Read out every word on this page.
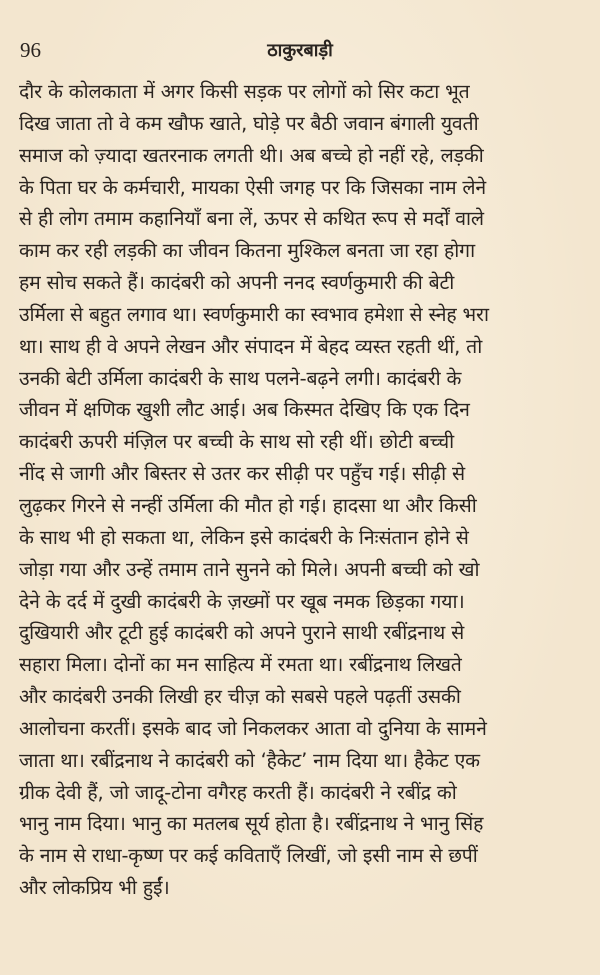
96	ठाकुरबाड़ी
दौर के कोलकाता में अगर किसी सड़क पर लोगों को सिर कटा भूत
दिख जाता तो वे कम खौफ खाते, घोड़े पर बैठी जवान बंगाली युवती
समाज को ज़्यादा खतरनाक लगती थी। अब बच्चे हो नहीं रहे, लड़की
के पिता घर के कर्मचारी, मायका ऐसी जगह पर कि जिसका नाम लेने
से ही लोग तमाम कहानियाँ बना लें, ऊपर से कथित रूप से मर्दों वाले
काम कर रही लड़की का जीवन कितना मुश्किल बनता जा रहा होगा
हम सोच सकते हैं। कादंबरी को अपनी ननद स्वर्णकुमारी की बेटी
उर्मिला से बहुत लगाव था। स्वर्णकुमारी का स्वभाव हमेशा से स्नेह भरा
था। साथ ही वे अपने लेखन और संपादन में बेहद व्यस्त रहती थीं, तो
उनकी बेटी उर्मिला कादंबरी के साथ पलने-बढ़ने लगी। कादंबरी के
जीवन में क्षणिक खुशी लौट आई। अब किस्मत देखिए कि एक दिन
कादंबरी ऊपरी मंज़िल पर बच्ची के साथ सो रही थीं। छोटी बच्ची
नींद से जागी और बिस्तर से उतर कर सीढ़ी पर पहुँच गई। सीढ़ी से
लुढ़कर गिरने से नन्हीं उर्मिला की मौत हो गई। हादसा था और किसी
के साथ भी हो सकता था, लेकिन इसे कादंबरी के निःसंतान होने से
जोड़ा गया और उन्हें तमाम ताने सुनने को मिले। अपनी बच्ची को खो
देने के दर्द में दुखी कादंबरी के ज़ख्मों पर खूब नमक छिड़का गया।
दुखियारी और टूटी हुई कादंबरी को अपने पुराने साथी रबींद्रनाथ से
सहारा मिला। दोनों का मन साहित्य में रमता था। रबींद्रनाथ लिखते
और कादंबरी उनकी लिखी हर चीज़ को सबसे पहले पढ़तीं उसकी
आलोचना करतीं। इसके बाद जो निकलकर आता वो दुनिया के सामने
जाता था। रबींद्रनाथ ने कादंबरी को ‘हैकेट’ नाम दिया था। हैकेट एक
ग्रीक देवी हैं, जो जादू-टोना वगैरह करती हैं। कादंबरी ने रबींद्र को
भानु नाम दिया। भानु का मतलब सूर्य होता है। रबींद्रनाथ ने भानु सिंह
के नाम से राधा-कृष्ण पर कई कविताएँ लिखीं, जो इसी नाम से छपीं
और लोकप्रिय भी हुईं।
